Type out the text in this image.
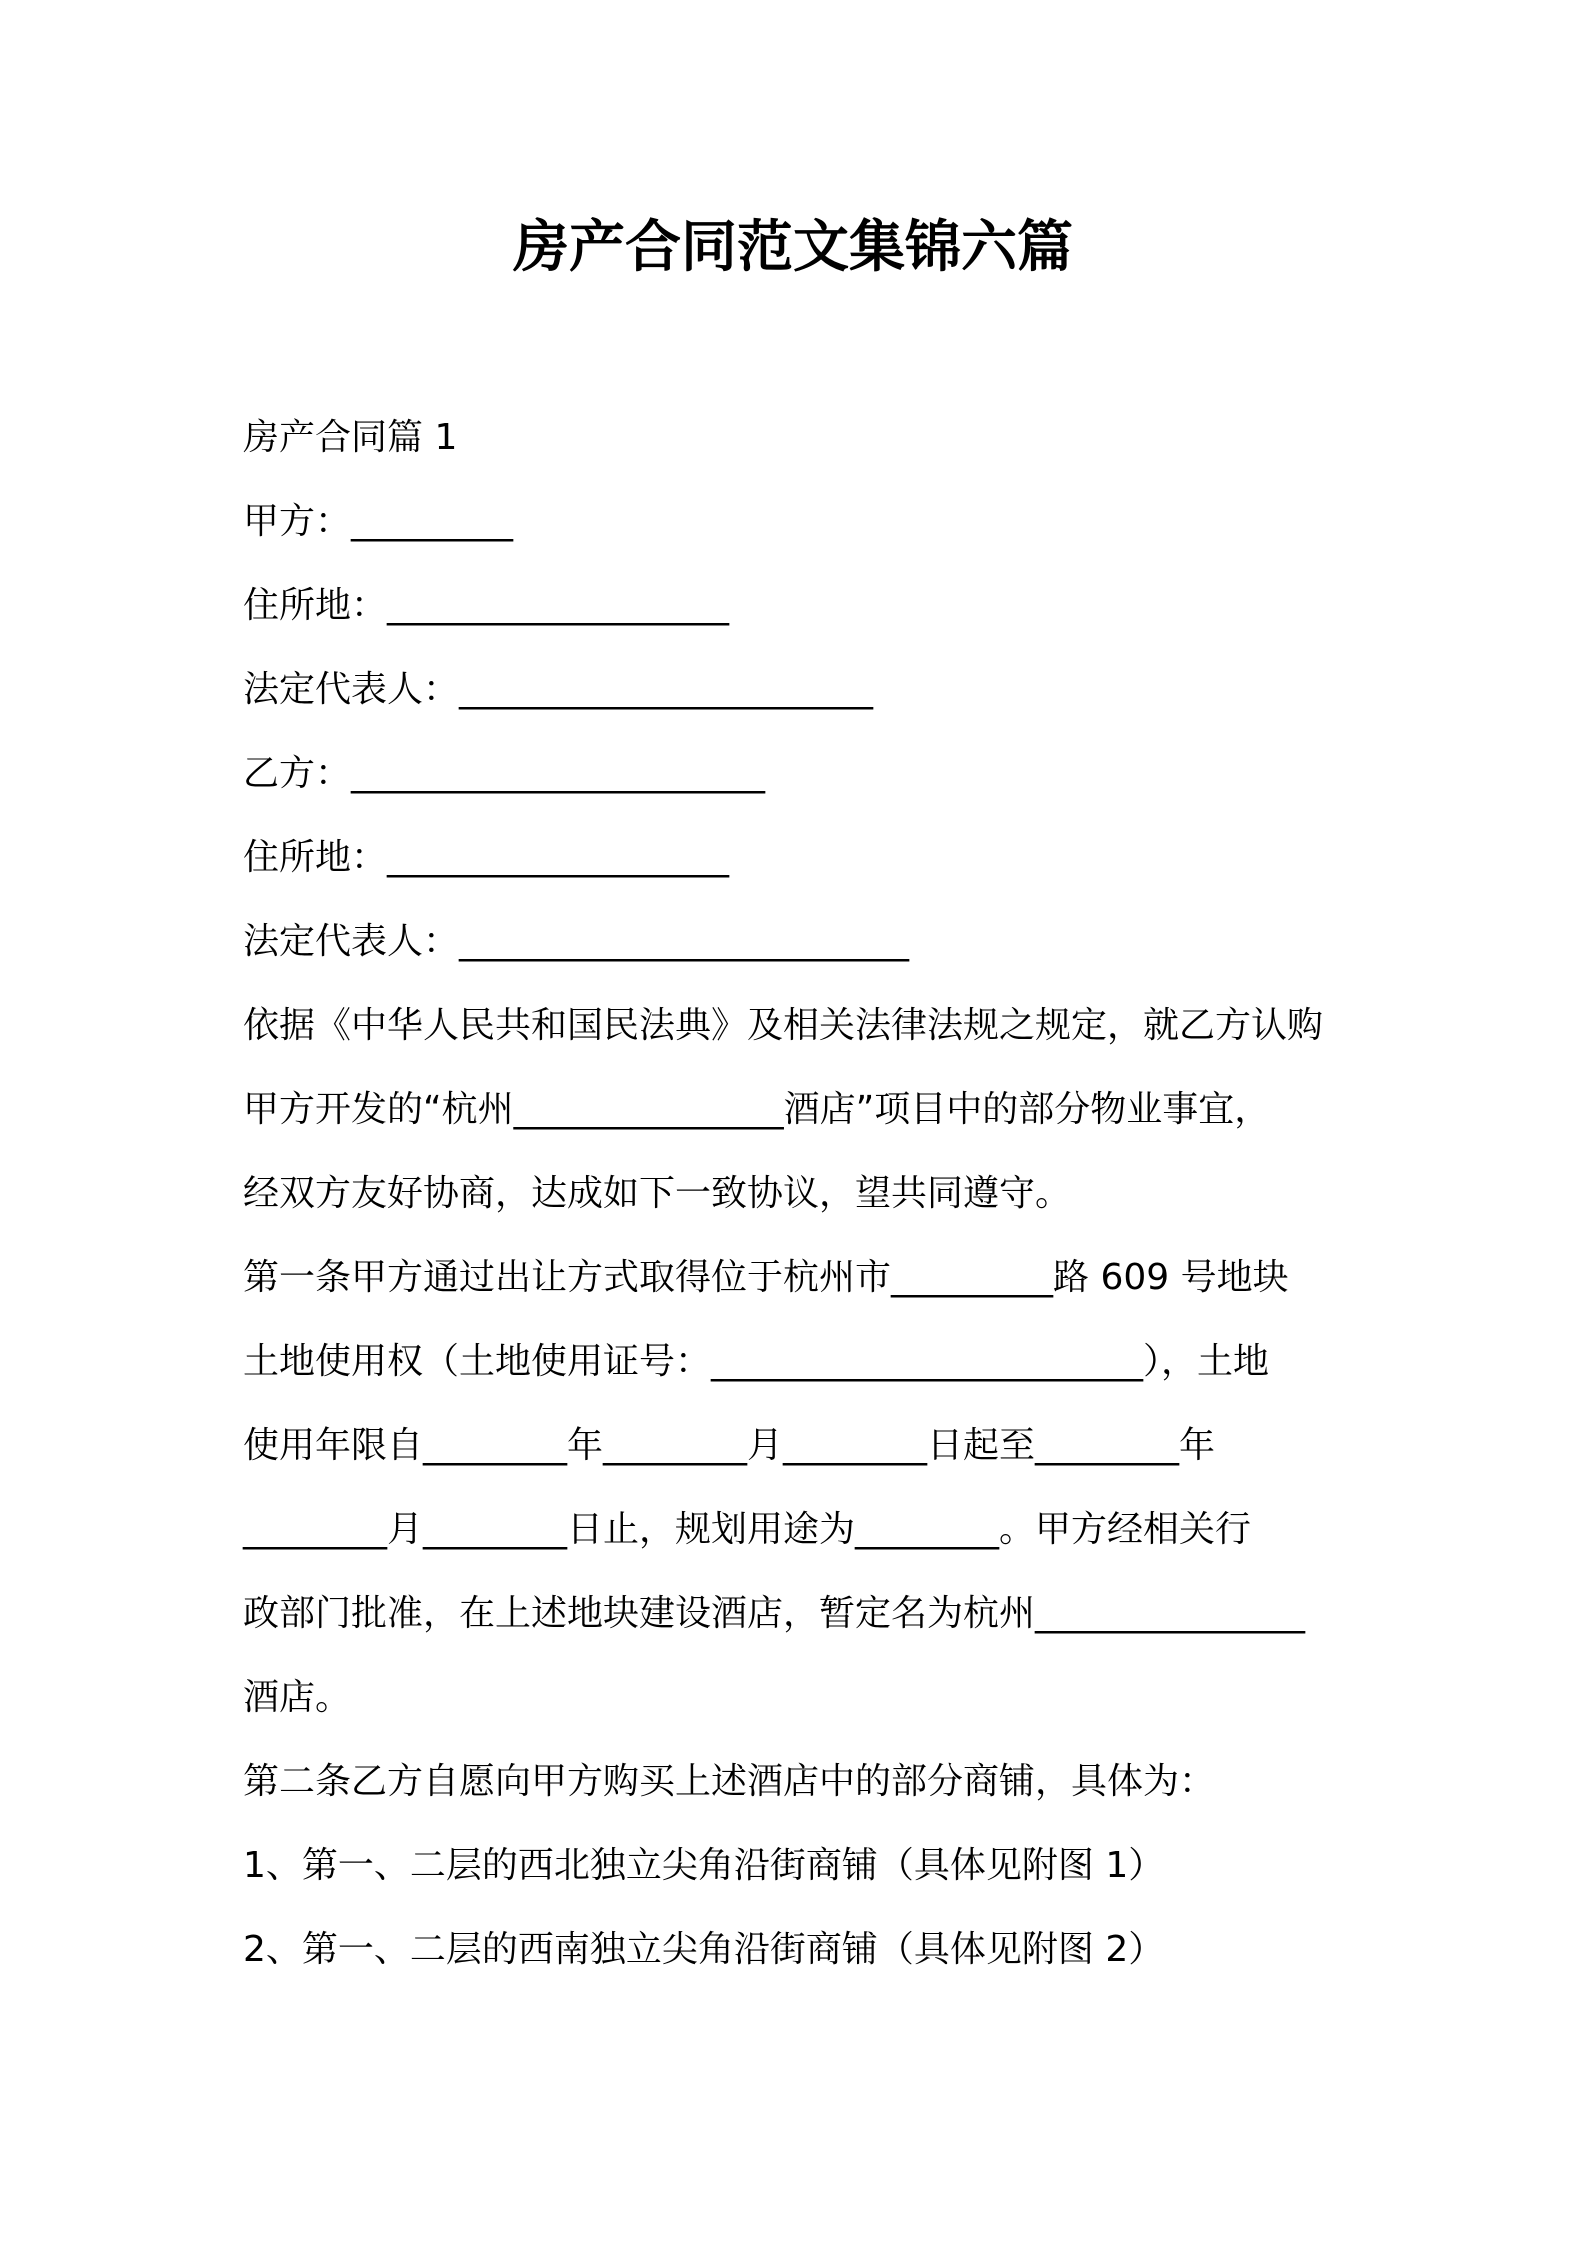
房产合同范文集锦六篇
房产合同篇 1
甲方：_________
住所地：___________________
法定代表人：_______________________
乙方：_______________________
住所地：___________________
法定代表人：_________________________
依据《中华人民共和国民法典》及相关法律法规之规定，就乙方认购
甲方开发的“杭州_______________酒店”项目中的部分物业事宜，
经双方友好协商，达成如下一致协议，望共同遵守。
第一条甲方通过出让方式取得位于杭州市_________路 609 号地块
土地使用权（土地使用证号：________________________），土地
使用年限自________年________月________日起至________年
________月________日止，规划用途为________。甲方经相关行
政部门批准，在上述地块建设酒店，暂定名为杭州_______________
酒店。
第二条乙方自愿向甲方购买上述酒店中的部分商铺，具体为：
1、第一、二层的西北独立尖角沿街商铺（具体见附图 1）
2、第一、二层的西南独立尖角沿街商铺（具体见附图 2）
